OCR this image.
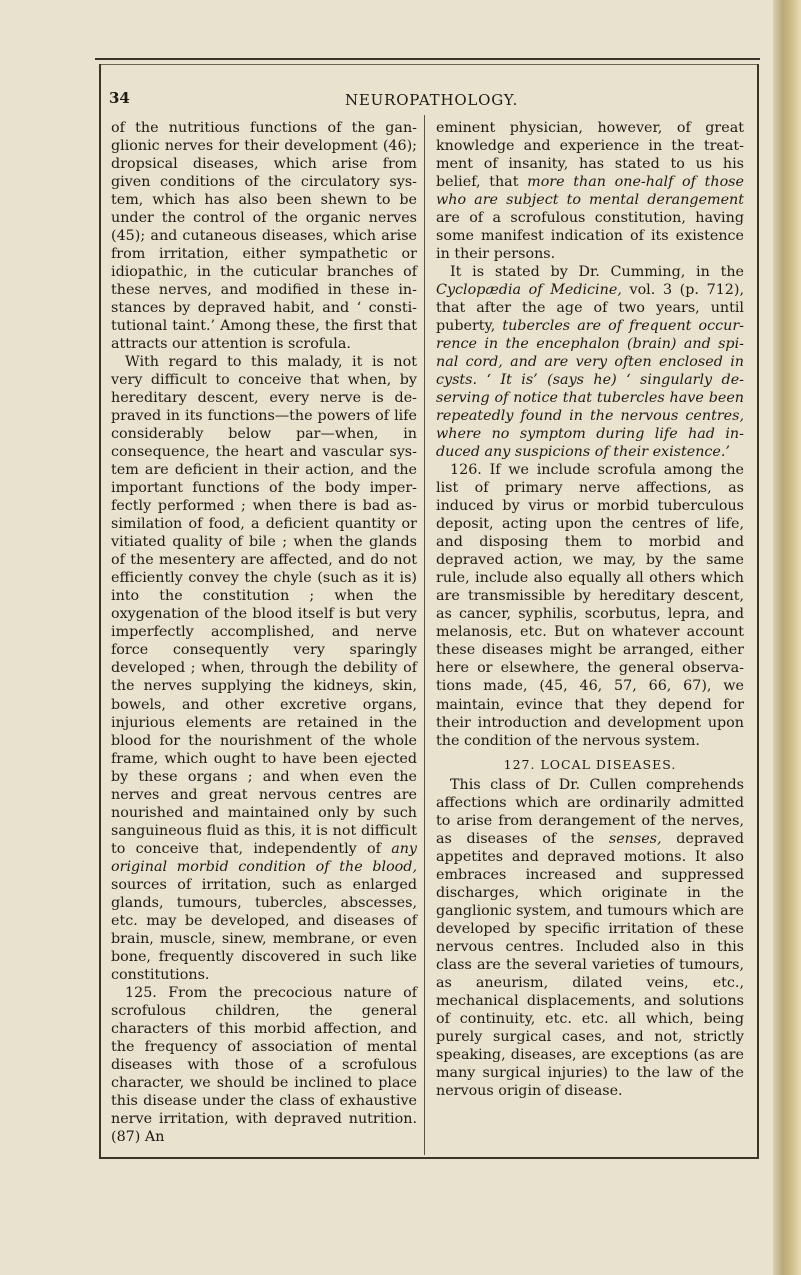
34	NEUROPATHOLOGY.

of the nutritious functions of the ganglionic nerves for their development (46); dropsical diseases, which arise from given conditions of the circulatory system, which has also been shewn to be under the control of the organic nerves (45); and cutaneous diseases, which arise from irritation, either sympathetic or idiopathic, in the cuticular branches of these nerves, and modified in these instances by depraved habit, and ‘ constitutional taint.’ Among these, the first that attracts our attention is scrofula.

With regard to this malady, it is not very difficult to conceive that when, by hereditary descent, every nerve is depraved in its functions—the powers of life considerably below par—when, in consequence, the heart and vascular system are deficient in their action, and the important functions of the body imperfectly performed ; when there is bad assimilation of food, a deficient quantity or vitiated quality of bile ; when the glands of the mesentery are affected, and do not efficiently convey the chyle (such as it is) into the constitution ; when the oxygenation of the blood itself is but very imperfectly accomplished, and nerve force consequently very sparingly developed ; when, through the debility of the nerves supplying the kidneys, skin, bowels, and other excretive organs, injurious elements are retained in the blood for the nourishment of the whole frame, which ought to have been ejected by these organs ; and when even the nerves and great nervous centres are nourished and maintained only by such sanguineous fluid as this, it is not difficult to conceive that, independently of any original morbid condition of the blood, sources of irritation, such as enlarged glands, tumours, tubercles, abscesses, etc. may be developed, and diseases of brain, muscle, sinew, membrane, or even bone, frequently discovered in such like constitutions.

125. From the precocious nature of scrofulous children, the general characters of this morbid affection, and the frequency of association of mental diseases with those of a scrofulous character, we should be inclined to place this disease under the class of exhaustive nerve irritation, with depraved nutrition. (87) An

eminent physician, however, of great knowledge and experience in the treatment of insanity, has stated to us his belief, that more than one-half of those who are subject to mental derangement are of a scrofulous constitution, having some manifest indication of its existence in their persons.

It is stated by Dr. Cumming, in the Cyclopædia of Medicine, vol. 3 (p. 712), that after the age of two years, until puberty, tubercles are of frequent occurrence in the encephalon (brain) and spinal cord, and are very often enclosed in cysts. ‘ It is’ (says he) ‘ singularly deserving of notice that tubercles have been repeatedly found in the nervous centres, where no symptom during life had induced any suspicions of their existence.’

126. If we include scrofula among the list of primary nerve affections, as induced by virus or morbid tuberculous deposit, acting upon the centres of life, and disposing them to morbid and depraved action, we may, by the same rule, include also equally all others which are transmissible by hereditary descent, as cancer, syphilis, scorbutus, lepra, and melanosis, etc. But on whatever account these diseases might be arranged, either here or elsewhere, the general observations made, (45, 46, 57, 66, 67), we maintain, evince that they depend for their introduction and development upon the condition of the nervous system.

127. LOCAL DISEASES.

This class of Dr. Cullen comprehends affections which are ordinarily admitted to arise from derangement of the nerves, as diseases of the senses, depraved appetites and depraved motions. It also embraces increased and suppressed discharges, which originate in the ganglionic system, and tumours which are developed by specific irritation of these nervous centres. Included also in this class are the several varieties of tumours, as aneurism, dilated veins, etc., mechanical displacements, and solutions of continuity, etc. etc. all which, being purely surgical cases, and not, strictly speaking, diseases, are exceptions (as are many surgical injuries) to the law of the nervous origin of disease.
